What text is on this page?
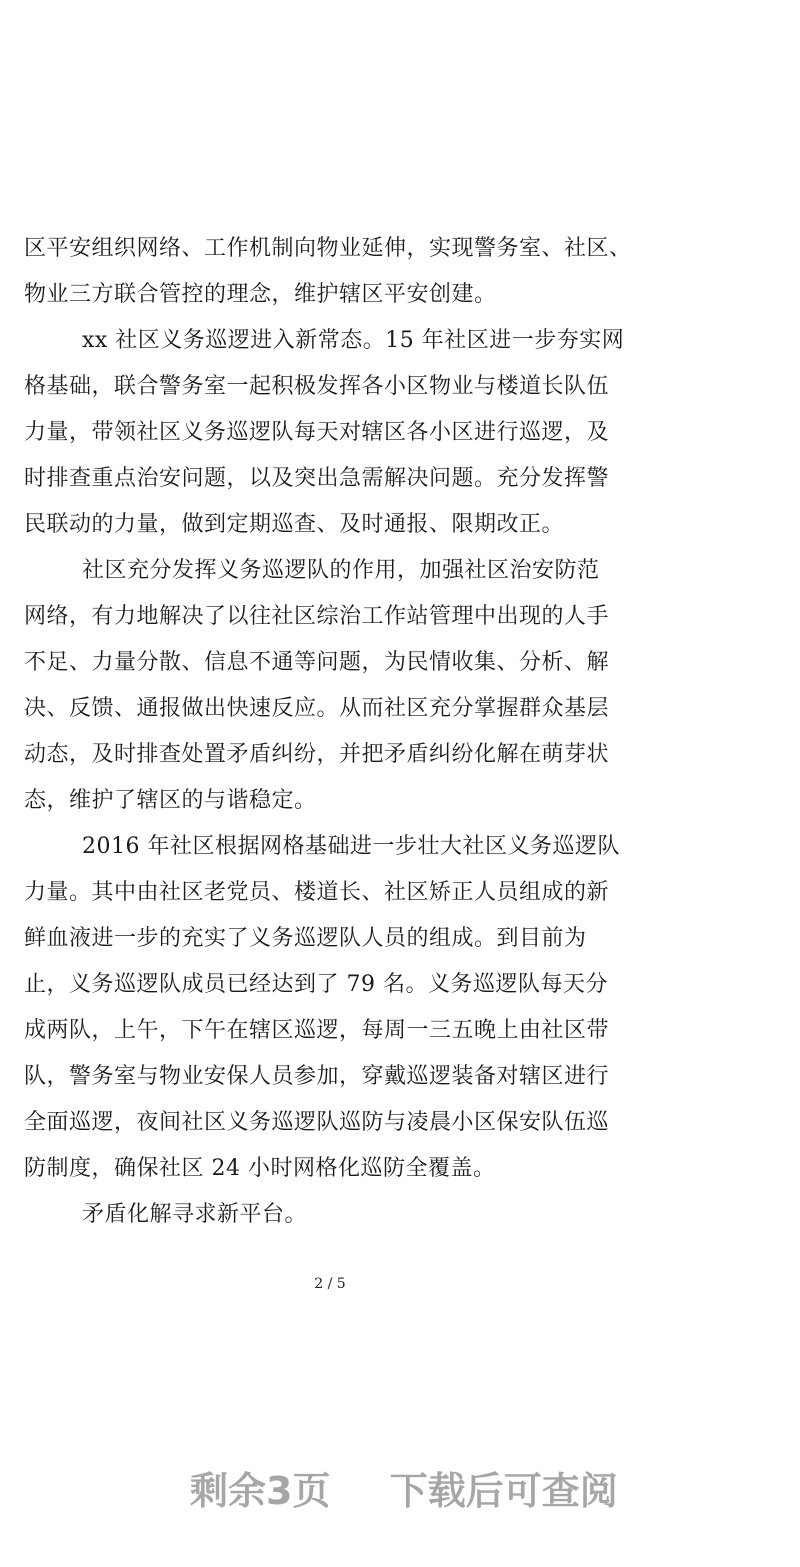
区平安组织网络、工作机制向物业延伸，实现警务室、社区、
物业三方联合管控的理念，维护辖区平安创建。
xx 社区义务巡逻进入新常态。15 年社区进一步夯实网
格基础，联合警务室一起积极发挥各小区物业与楼道长队伍
力量，带领社区义务巡逻队每天对辖区各小区进行巡逻，及
时排查重点治安问题，以及突出急需解决问题。充分发挥警
民联动的力量，做到定期巡查、及时通报、限期改正。
社区充分发挥义务巡逻队的作用，加强社区治安防范
网络，有力地解决了以往社区综治工作站管理中出现的人手
不足、力量分散、信息不通等问题，为民情收集、分析、解
决、反馈、通报做出快速反应。从而社区充分掌握群众基层
动态，及时排查处置矛盾纠纷，并把矛盾纠纷化解在萌芽状
态，维护了辖区的与谐稳定。
2016 年社区根据网格基础进一步壮大社区义务巡逻队
力量。其中由社区老党员、楼道长、社区矫正人员组成的新
鲜血液进一步的充实了义务巡逻队人员的组成。到目前为
止，义务巡逻队成员已经达到了 79 名。义务巡逻队每天分
成两队，上午，下午在辖区巡逻，每周一三五晚上由社区带
队，警务室与物业安保人员参加，穿戴巡逻装备对辖区进行
全面巡逻，夜间社区义务巡逻队巡防与凌晨小区保安队伍巡
防制度，确保社区 24 小时网格化巡防全覆盖。
矛盾化解寻求新平台。
2 / 5
剩余3页 下载后可查阅
